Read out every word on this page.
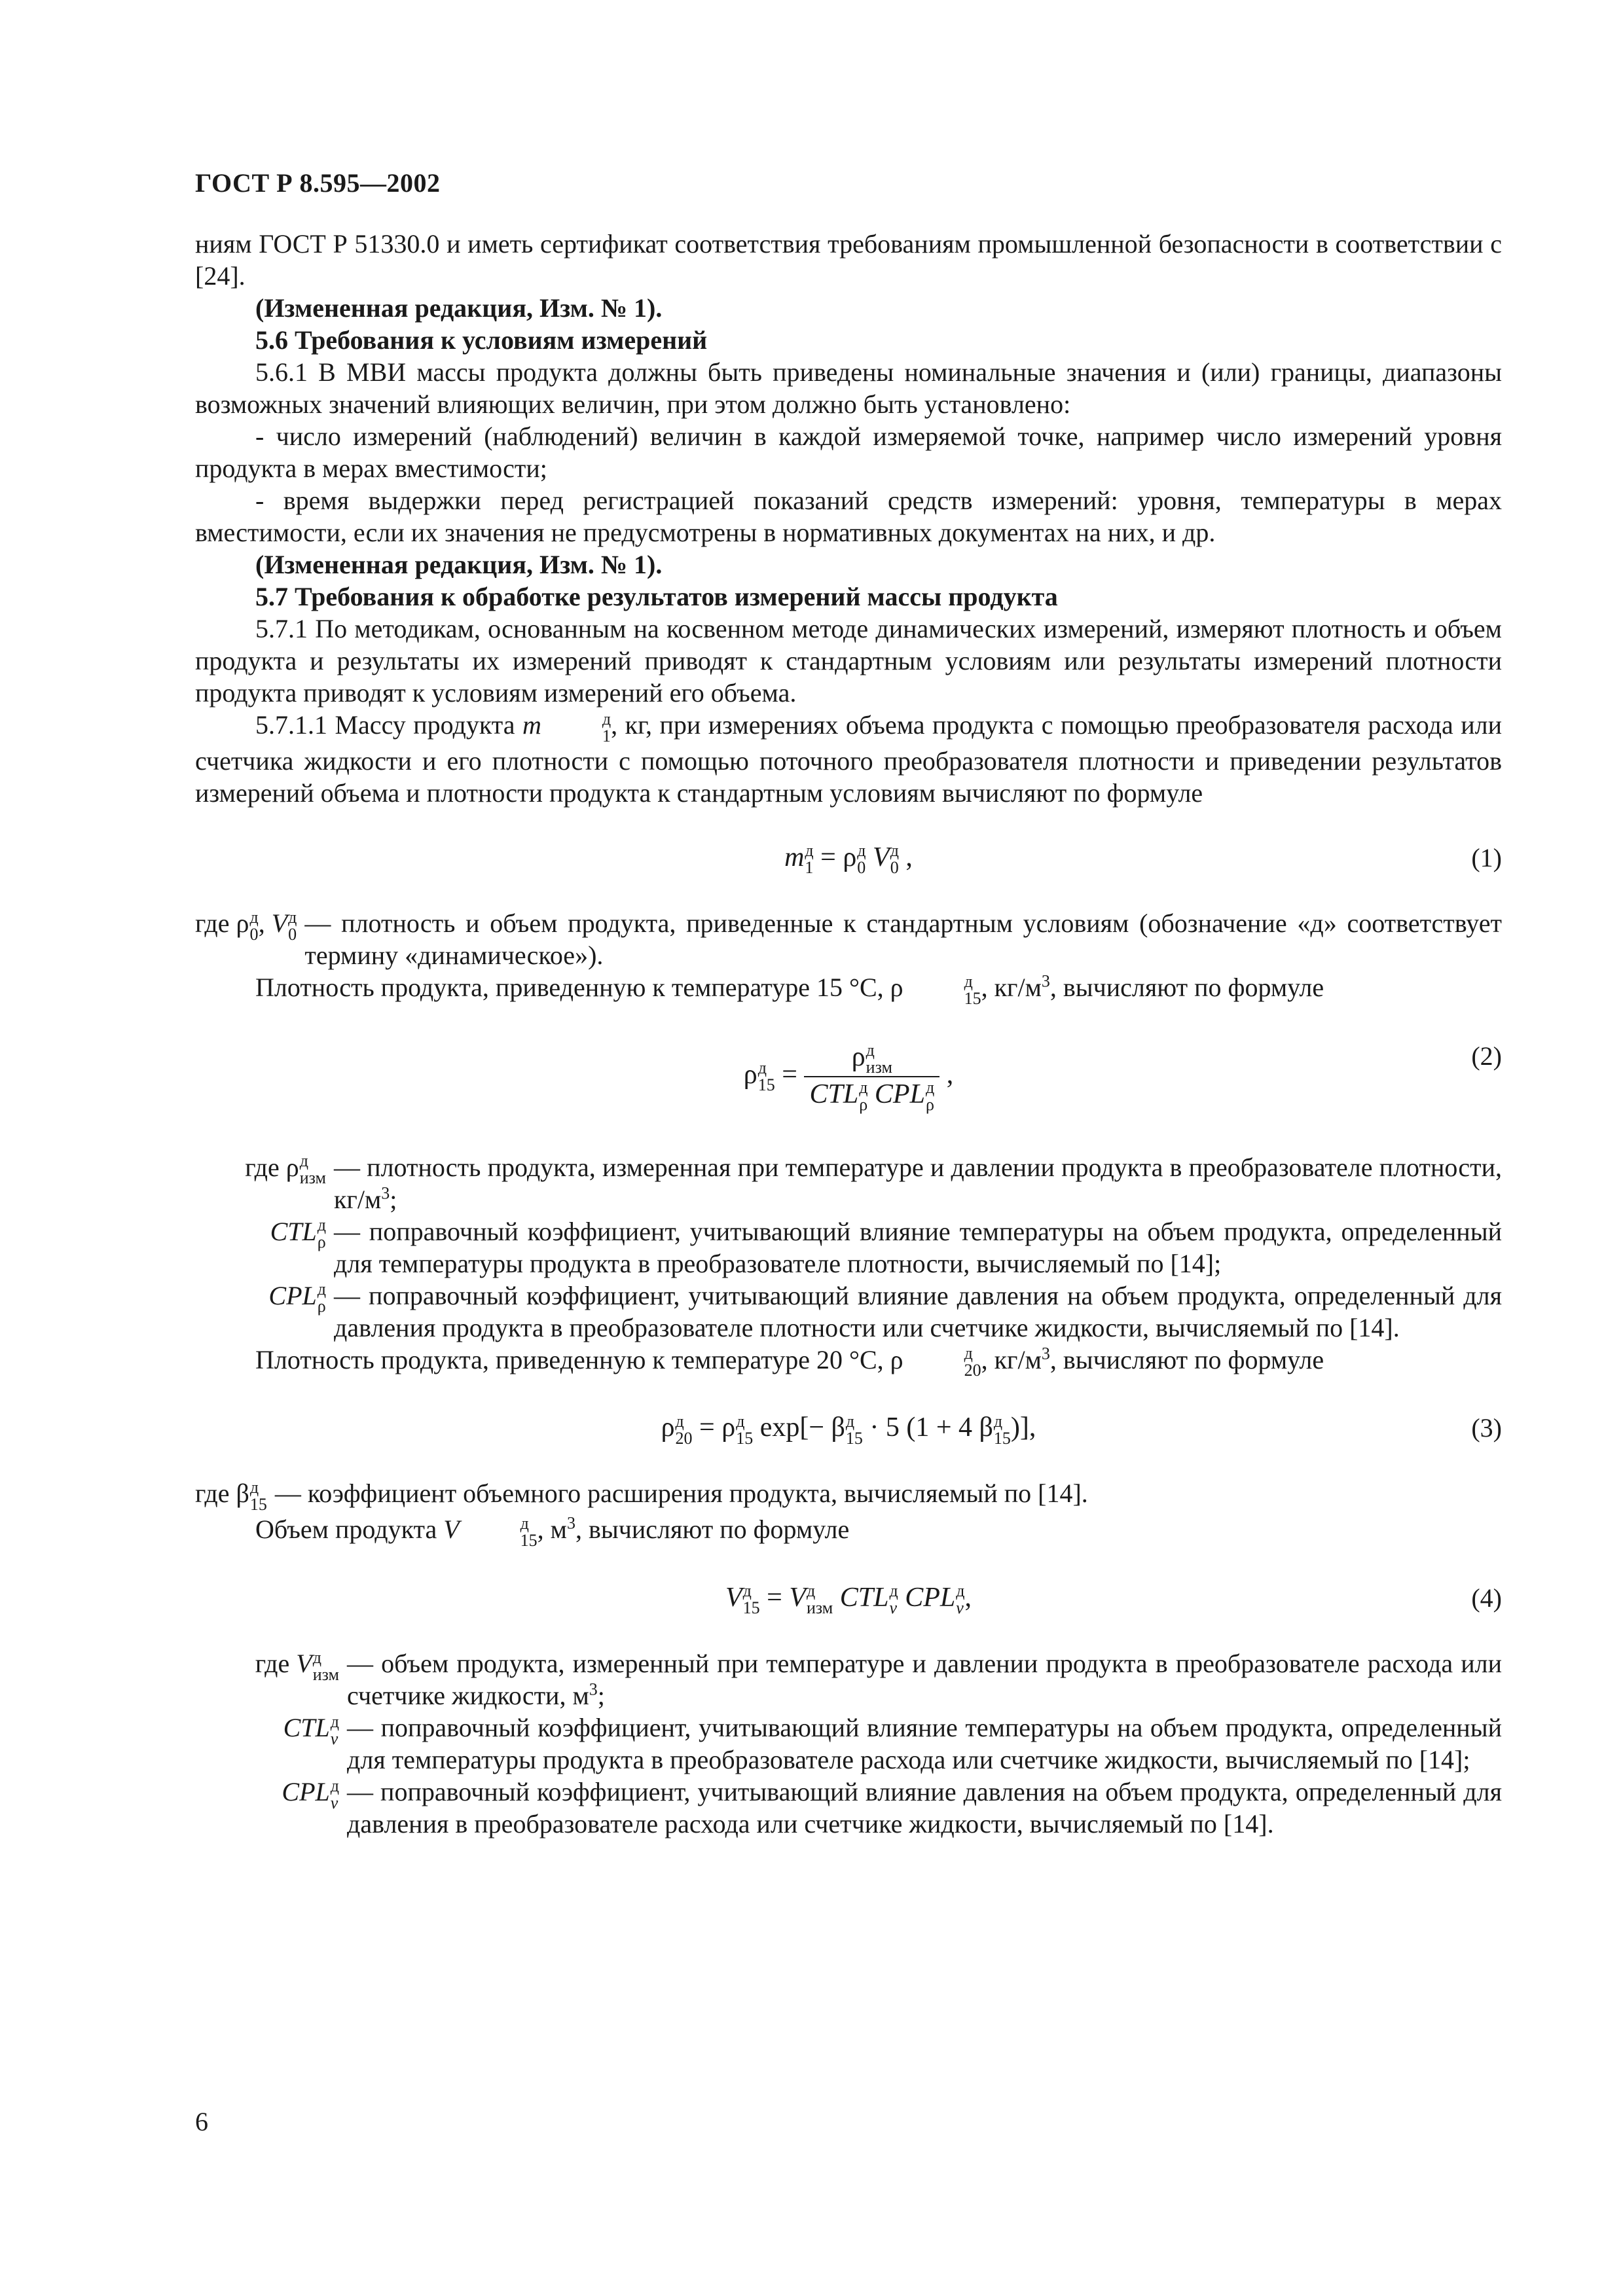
ГОСТ Р 8.595—2002

ниям ГОСТ Р 51330.0 и иметь сертификат соответствия требованиям промышленной безопасности в соответствии с [24].

(Измененная редакция, Изм. № 1).

5.6 Требования к условиям измерений

5.6.1 В МВИ массы продукта должны быть приведены номинальные значения и (или) границы, диапазоны возможных значений влияющих величин, при этом должно быть установлено:

- число измерений (наблюдений) величин в каждой измеряемой точке, например число измерений уровня продукта в мерах вместимости;

- время выдержки перед регистрацией показаний средств измерений: уровня, температуры в мерах вместимости, если их значения не предусмотрены в нормативных документах на них, и др.

(Измененная редакция, Изм. № 1).

5.7 Требования к обработке результатов измерений массы продукта

5.7.1 По методикам, основанным на косвенном методе динамических измерений, измеряют плотность и объем продукта и результаты их измерений приводят к стандартным условиям или результаты измерений плотности продукта приводят к условиям измерений его объема.

5.7.1.1 Массу продукта m	д
1 , кг, при измерениях объема продукта с помощью преобразователя расхода или счетчика жидкости и его плотности с помощью поточного преобразователя плотности и приведении результатов измерений объема и плотности продукта к стандартным условиям вычисляют по формуле

m д
1 = ρ д
0 V д
0 ,	(1)
где ρ д
0 , V д
0 — плотность и объем продукта, приведенные к стандартным условиям (обозначение «д» соответствует термину «динамическое»).

Плотность продукта, приведенную к температуре 15 °С, ρ	д
15 , $кг/м^3$, вычисляют по формуле

ρ д
15 = ρ д
изм
CTL д
ρ CPL д
ρ ,
(2)
где ρ д
изм — плотность продукта, измеренная при температуре и давлении продукта в преобразователе плотности, $кг/м^3$;
CTL д
ρ — поправочный коэффициент, учитывающий влияние температуры на объем продукта, определенный для температуры продукта в преобразователе плотности, вычисляемый по [14];
CPL д
ρ — поправочный коэффициент, учитывающий влияние давления на объем продукта, определенный для давления продукта в преобразователе плотности или счетчике жидкости, вычисляемый по [14].

Плотность продукта, приведенную к температуре 20 °С, ρ	д
20 , $кг/м^3$, вычисляют по формуле

ρ д
20 = ρ д
15 exp[− β д
15 · 5 (1 + 4 β д
15 )],	(3)
где β д
15 — коэффициент объемного расширения продукта, вычисляемый по [14].

Объем продукта V	д
15 , $м^3$, вычисляют по формуле

V д
15 = V д
изм CTL д
v CPL д
v ,	(4)
где V д
изм — объем продукта, измеренный при температуре и давлении продукта в преобразователе расхода или счетчике жидкости, $м^3$;
CTL д
v — поправочный коэффициент, учитывающий влияние температуры на объем продукта, определенный для температуры продукта в преобразователе расхода или счетчике жидкости, вычисляемый по [14];
CPL д
v — поправочный коэффициент, учитывающий влияние давления на объем продукта, определенный для давления в преобразователе расхода или счетчике жидкости, вычисляемый по [14].
6
